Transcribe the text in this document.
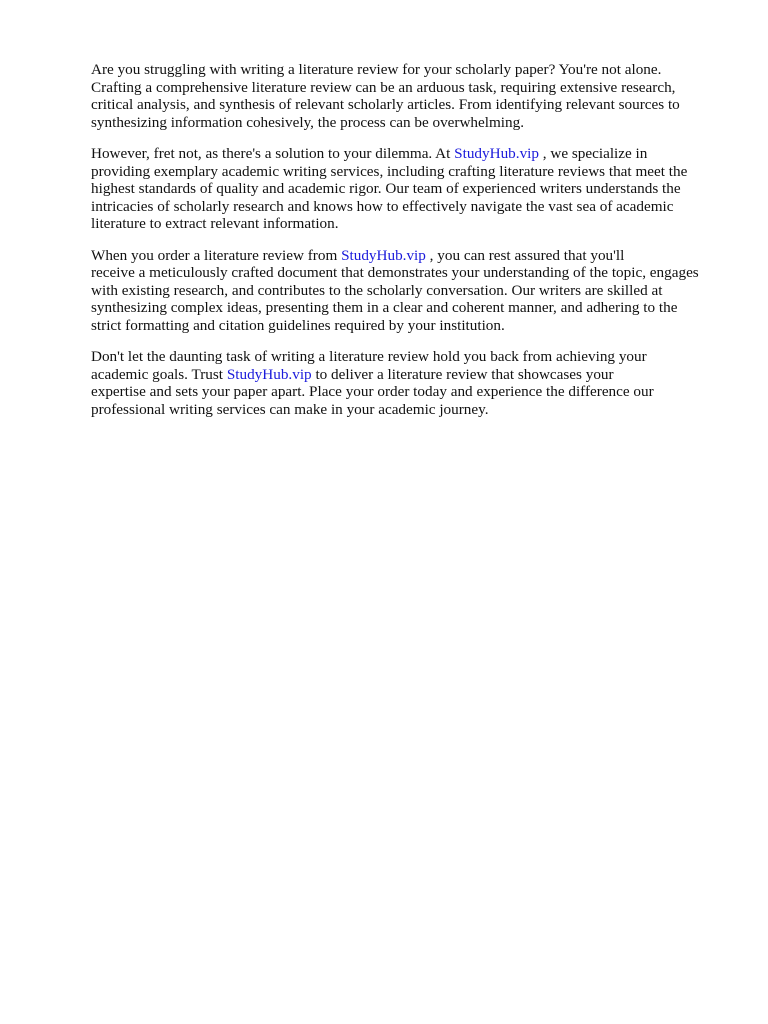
Are you struggling with writing a literature review for your scholarly paper? You're not alone.
Crafting a comprehensive literature review can be an arduous task, requiring extensive research,
critical analysis, and synthesis of relevant scholarly articles. From identifying relevant sources to
synthesizing information cohesively, the process can be overwhelming.

However, fret not, as there's a solution to your dilemma. At StudyHub.vip , we specialize in
providing exemplary academic writing services, including crafting literature reviews that meet the
highest standards of quality and academic rigor. Our team of experienced writers understands the
intricacies of scholarly research and knows how to effectively navigate the vast sea of academic
literature to extract relevant information.

When you order a literature review from StudyHub.vip , you can rest assured that you'll
receive a meticulously crafted document that demonstrates your understanding of the topic, engages
with existing research, and contributes to the scholarly conversation. Our writers are skilled at
synthesizing complex ideas, presenting them in a clear and coherent manner, and adhering to the
strict formatting and citation guidelines required by your institution.

Don't let the daunting task of writing a literature review hold you back from achieving your
academic goals. Trust StudyHub.vip to deliver a literature review that showcases your
expertise and sets your paper apart. Place your order today and experience the difference our
professional writing services can make in your academic journey.
